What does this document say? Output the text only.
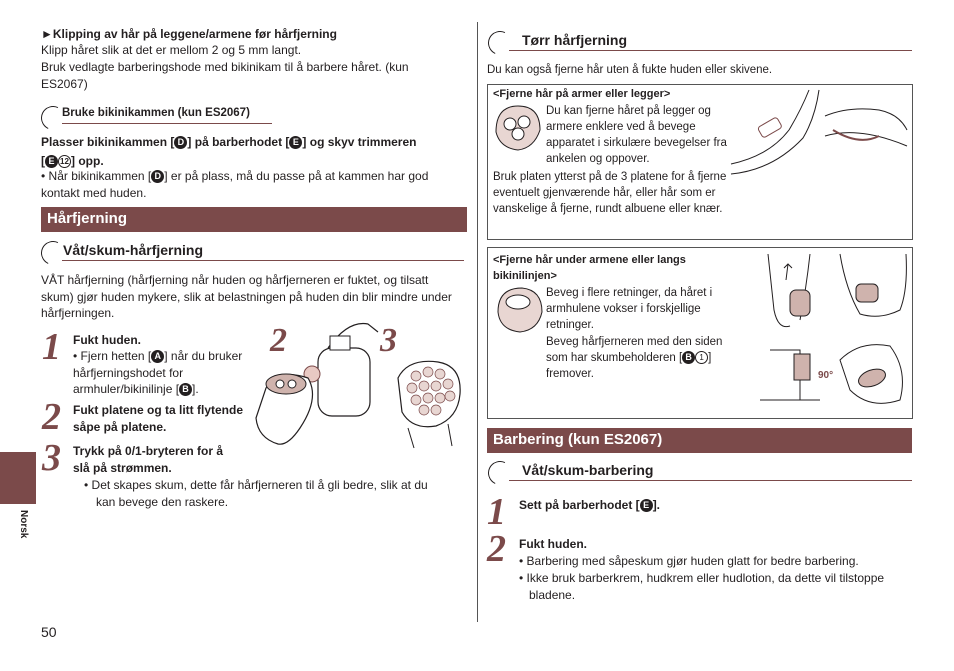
►Klipping av hår på leggene/armene før hårfjerning
Klipp håret slik at det er mellom 2 og 5 mm langt.
Bruk vedlagte barberingshode med bikinikam til å barbere håret. (kun ES2067)
Bruke bikinikammen (kun ES2067)
Plasser bikinikammen [ D ] på barberhodet [ E ] og skyv trimmeren
[ E 12 ] opp.
• Når bikinikammen [ D ] er på plass, må du passe på at kammen har god kontakt med huden.
Hårfjerning
Våt/skum-hårfjerning
VÅT hårfjerning (hårfjerning når huden og hårfjerneren er fuktet, og tilsatt skum) gjør huden mykere, slik at belastningen på huden din blir mindre under hårfjerningen.
1 Fukt huden.
• Fjern hetten [ A ] når du bruker hårfjerningshodet for armhuler/bikinilinje [ B ].
2 Fukt platene og ta litt flytende såpe på platene.
3 Trykk på 0/1-bryteren for å slå på strømmen.
• Det skapes skum, dette får hårfjerneren til å gli bedre, slik at du kan bevege den raskere.
2	3
Norsk
50
Tørr hårfjerning
Du kan også fjerne hår uten å fukte huden eller skivene.
<Fjerne hår på armer eller legger>
Du kan fjerne håret på legger og armere enklere ved å bevege apparatet i sirkulære bevegelser fra ankelen og oppover.
Bruk platen ytterst på de 3 platene for å fjerne eventuelt gjenværende hår, eller hår som er vanskelige å fjerne, rundt albuene eller knær.
<Fjerne hår under armene eller langs bikinilinjen>
Beveg i flere retninger, da håret i armhulene vokser i forskjellige retninger.
Beveg hårfjerneren med den siden som har skumbeholderen [ B 1 ] fremover.	90°
Barbering (kun ES2067)
Våt/skum-barbering
1 Sett på barberhodet [ E ].
2 Fukt huden.
• Barbering med såpeskum gjør huden glatt for bedre barbering.
• Ikke bruk barberkrem, hudkrem eller hudlotion, da dette vil tilstoppe bladene.
